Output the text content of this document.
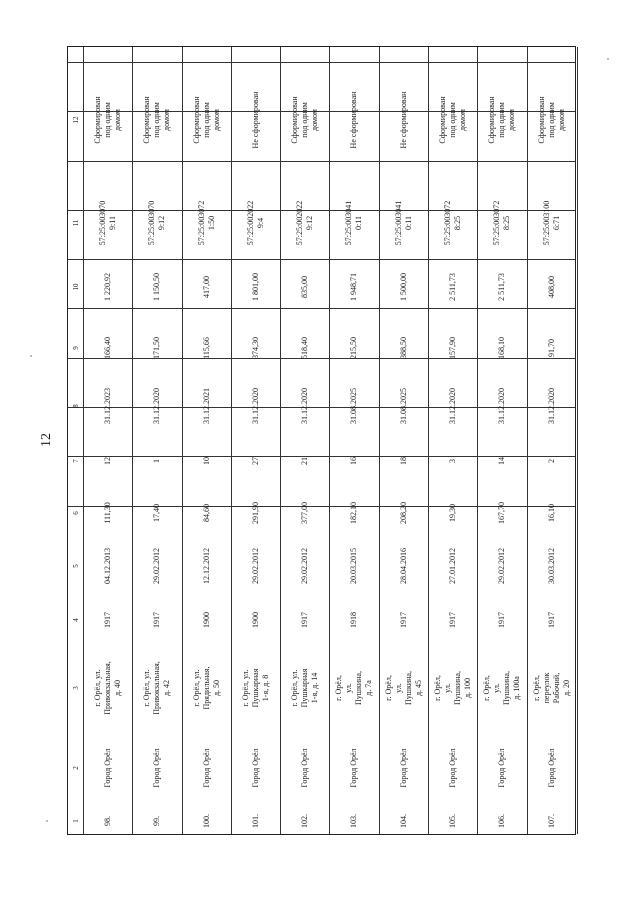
12
1
2
3
4
5
6
7
8
9
10
11
12
98.
Город Орёл
г. Орёл, ул.
Привокзальная, д. 40
1917
04.12.2013
111,30
12
31.12.2023
166,40
1 220,92
57:25:003070
9:11
Сформирован под одним
домом
99.
Город Орёл
г. Орёл, ул.
Привокзальная, д. 42
1917
29.02.2012
17,40
1
31.12.2020
171,50
1 150,50
57:25:003070
9:12
Сформирован под одним
домом
100.
Город Орёл
г. Орёл, ул.
Прядильная, д. 50
1900
12.12.2012
84,60
10
31.12.2021
115,66
417,00
57:25:003072
1:50
Сформирован под одним
домом
101.
Город Орёл
г. Орёл, ул.
Пушкарная 1-я, д. 8
1900
29.02.2012
291,90
27
31.12.2020
374,30
1 801,00
57:25:002022
9:4
Не сформирован
102.
Город Орёл
г. Орёл, ул.
Пушкарная 1-я, д. 14
1917
29.02.2012
377,00
21
31.12.2020
518,40
835,00
57:25:002022
9:12
Сформирован под одним
домом
103.
Город Орёл
г. Орёл, ул.
Пушкина, д. 7а
1918
20.03.2015
182,10
16
31.08.2025
215,50
1 948,71
57:25:003041
0:11
Не сформирован
104.
Город Орёл
г. Орёл, ул.
Пушкина, д. 45
1917
28.04.2016
208,20
18
31.08.2025
388,50
1 500,00
57:25:003041
0:11
Не сформирован
105.
Город Орёл
г. Орёл, ул.
Пушкина, д. 100
1917
27.01.2012
19,30
3
31.12.2020
157,90
2 511,73
57:25:003072
8:25
Сформирован под одним
домом
106.
Город Орёл
г. Орёл, ул.
Пушкина, д. 100а
1917
29.02.2012
167,70
14
31.12.2020
168,10
2 511,73
57:25:003072
8:25
Сформирован под одним
домом
107.
Город Орёл
г. Орёл, переулок
Рабочий, д. 20
1917
30.03.2012
16,10
2
31.12.2020
91,70
408,00
57:25:003100
6:71
Сформирован под одним
домом
